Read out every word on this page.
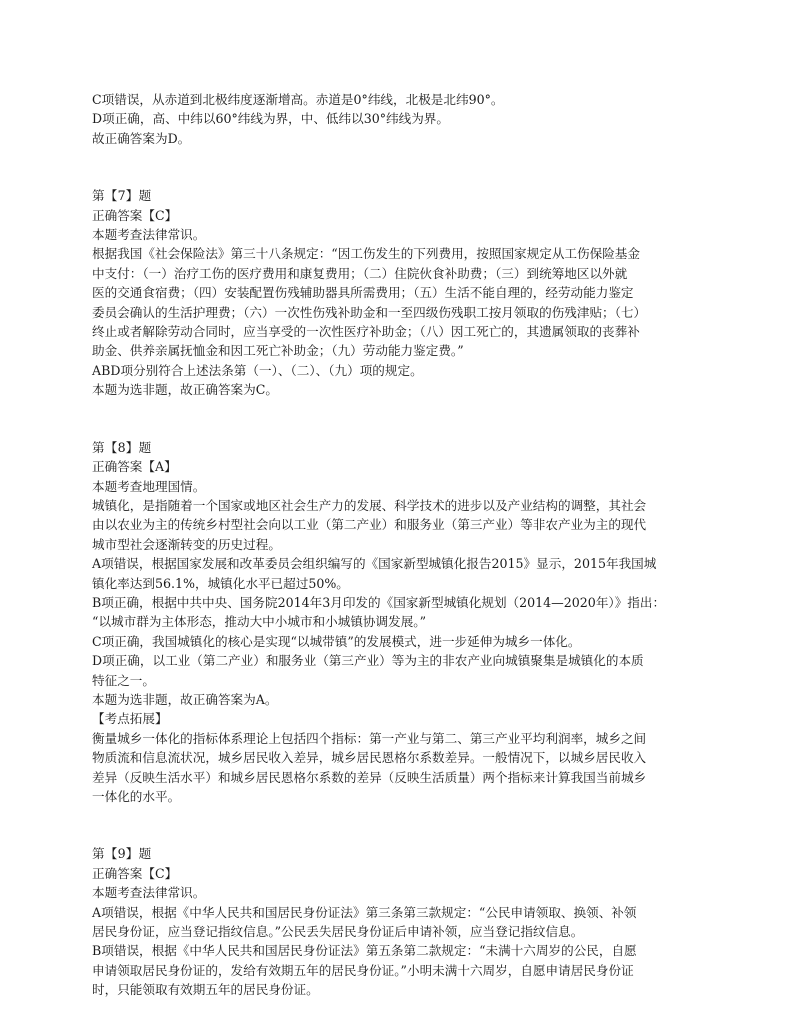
C项错误，从赤道到北极纬度逐渐增高。赤道是0°纬线，北极是北纬90°。

D项正确，高、中纬以60°纬线为界，中、低纬以30°纬线为界。

故正确答案为D。

第【7】题

正确答案【C】

本题考查法律常识。

根据我国《社会保险法》第三十八条规定：“因工伤发生的下列费用，按照国家规定从工伤保险基金

中支付：（一）治疗工伤的医疗费用和康复费用；（二）住院伙食补助费；（三）到统筹地区以外就

医的交通食宿费；（四）安装配置伤残辅助器具所需费用；（五）生活不能自理的，经劳动能力鉴定

委员会确认的生活护理费；（六）一次性伤残补助金和一至四级伤残职工按月领取的伤残津贴；（七）

终止或者解除劳动合同时，应当享受的一次性医疗补助金；（八）因工死亡的，其遗属领取的丧葬补

助金、供养亲属抚恤金和因工死亡补助金；（九）劳动能力鉴定费。”

ABD项分别符合上述法条第（一）、（二）、（九）项的规定。

本题为选非题，故正确答案为C。

第【8】题

正确答案【A】

本题考查地理国情。

城镇化，是指随着一个国家或地区社会生产力的发展、科学技术的进步以及产业结构的调整，其社会

由以农业为主的传统乡村型社会向以工业（第二产业）和服务业（第三产业）等非农产业为主的现代

城市型社会逐渐转变的历史过程。

A项错误，根据国家发展和改革委员会组织编写的《国家新型城镇化报告2015》显示，2015年我国城

镇化率达到56.1%，城镇化水平已超过50%。

B项正确，根据中共中央、国务院2014年3月印发的《国家新型城镇化规划（2014—2020年）》指出：

“以城市群为主体形态，推动大中小城市和小城镇协调发展。”

C项正确，我国城镇化的核心是实现“以城带镇”的发展模式，进一步延伸为城乡一体化。

D项正确，以工业（第二产业）和服务业（第三产业）等为主的非农产业向城镇聚集是城镇化的本质

特征之一。

本题为选非题，故正确答案为A。

【考点拓展】

衡量城乡一体化的指标体系理论上包括四个指标：第一产业与第二、第三产业平均利润率，城乡之间

物质流和信息流状况，城乡居民收入差异，城乡居民恩格尔系数差异。一般情况下，以城乡居民收入

差异（反映生活水平）和城乡居民恩格尔系数的差异（反映生活质量）两个指标来计算我国当前城乡

一体化的水平。

第【9】题

正确答案【C】

本题考查法律常识。

A项错误，根据《中华人民共和国居民身份证法》第三条第三款规定：“公民申请领取、换领、补领

居民身份证，应当登记指纹信息。”公民丢失居民身份证后申请补领，应当登记指纹信息。

B项错误，根据《中华人民共和国居民身份证法》第五条第二款规定：“未满十六周岁的公民，自愿

申请领取居民身份证的，发给有效期五年的居民身份证。”小明未满十六周岁，自愿申请居民身份证

时，只能领取有效期五年的居民身份证。
